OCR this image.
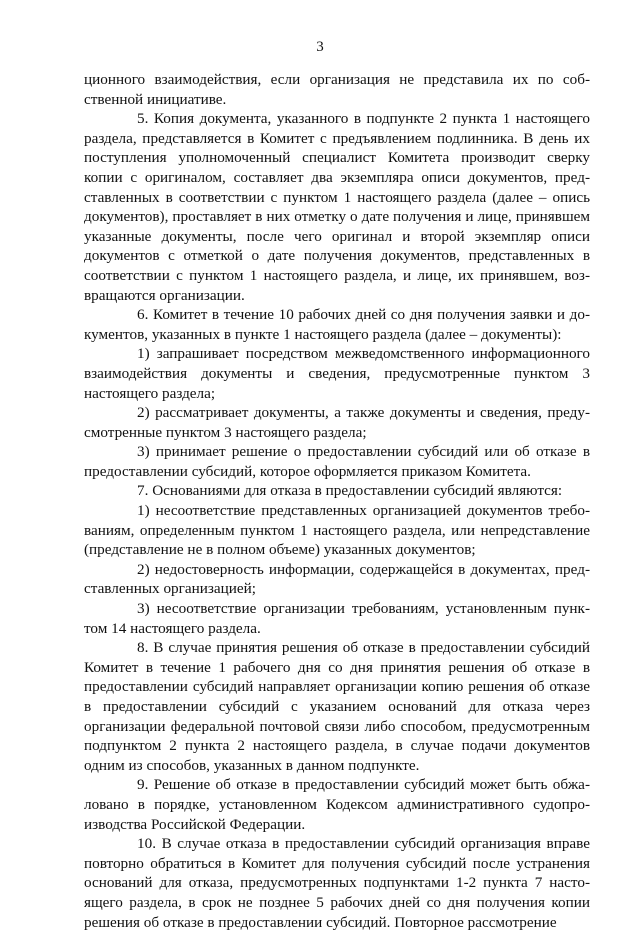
3

ционного взаимодействия, если организация не представила их по собственной инициативе.

5. Копия документа, указанного в подпункте 2 пункта 1 настоящего раздела, представляется в Комитет с предъявлением подлинника. В день их поступления уполномоченный специалист Комитета производит сверку копии с оригиналом, составляет два экземпляра описи документов, представленных в соответствии с пунктом 1 настоящего раздела (далее – опись документов), проставляет в них отметку о дате получения и лице, принявшем указанные документы, после чего оригинал и второй экземпляр описи документов с отметкой о дате получения документов, представленных в соответствии с пунктом 1 настоящего раздела, и лице, их принявшем, возвращаются организации.

6. Комитет в течение 10 рабочих дней со дня получения заявки и документов, указанных в пункте 1 настоящего раздела (далее – документы):

1) запрашивает посредством межведомственного информационного взаимодействия документы и сведения, предусмотренные пунктом 3 настоящего раздела;

2) рассматривает документы, а также документы и сведения, предусмотренные пунктом 3 настоящего раздела;

3) принимает решение о предоставлении субсидий или об отказе в предоставлении субсидий, которое оформляется приказом Комитета.

7. Основаниями для отказа в предоставлении субсидий являются:

1) несоответствие представленных организацией документов требованиям, определенным пунктом 1 настоящего раздела, или непредставление (представление не в полном объеме) указанных документов;

2) недостоверность информации, содержащейся в документах, представленных организацией;

3) несоответствие организации требованиям, установленным пунктом 14 настоящего раздела.

8. В случае принятия решения об отказе в предоставлении субсидий Комитет в течение 1 рабочего дня со дня принятия решения об отказе в предоставлении субсидий направляет организации копию решения об отказе в предоставлении субсидий с указанием оснований для отказа через организации федеральной почтовой связи либо способом, предусмотренным подпунктом 2 пункта 2 настоящего раздела, в случае подачи документов одним из способов, указанных в данном подпункте.

9. Решение об отказе в предоставлении субсидий может быть обжаловано в порядке, установленном Кодексом административного судопроизводства Российской Федерации.

10. В случае отказа в предоставлении субсидий организация вправе повторно обратиться в Комитет для получения субсидий после устранения оснований для отказа, предусмотренных подпунктами 1-2 пункта 7 настоящего раздела, в срок не позднее 5 рабочих дней со дня получения копии решения об отказе в предоставлении субсидий. Повторное рассмотрение
